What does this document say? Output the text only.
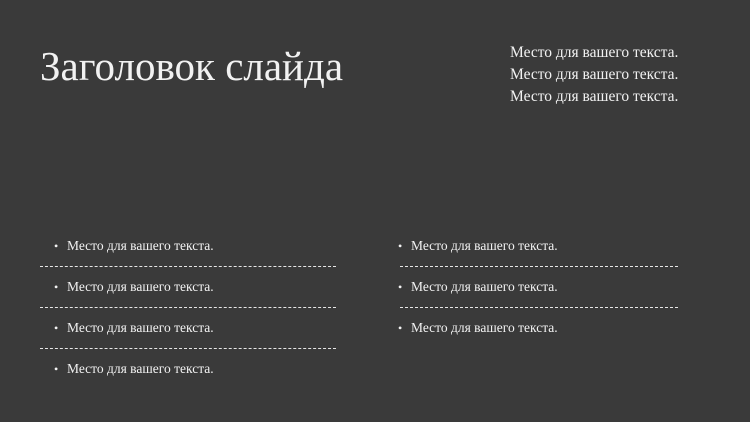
Заголовок слайда	Место для вашего текста.
Место для вашего текста.
Место для вашего текста.
• Место для вашего текста.
• Место для вашего текста.
• Место для вашего текста.
• Место для вашего текста.
• Место для вашего текста.
• Место для вашего текста.
• Место для вашего текста.
